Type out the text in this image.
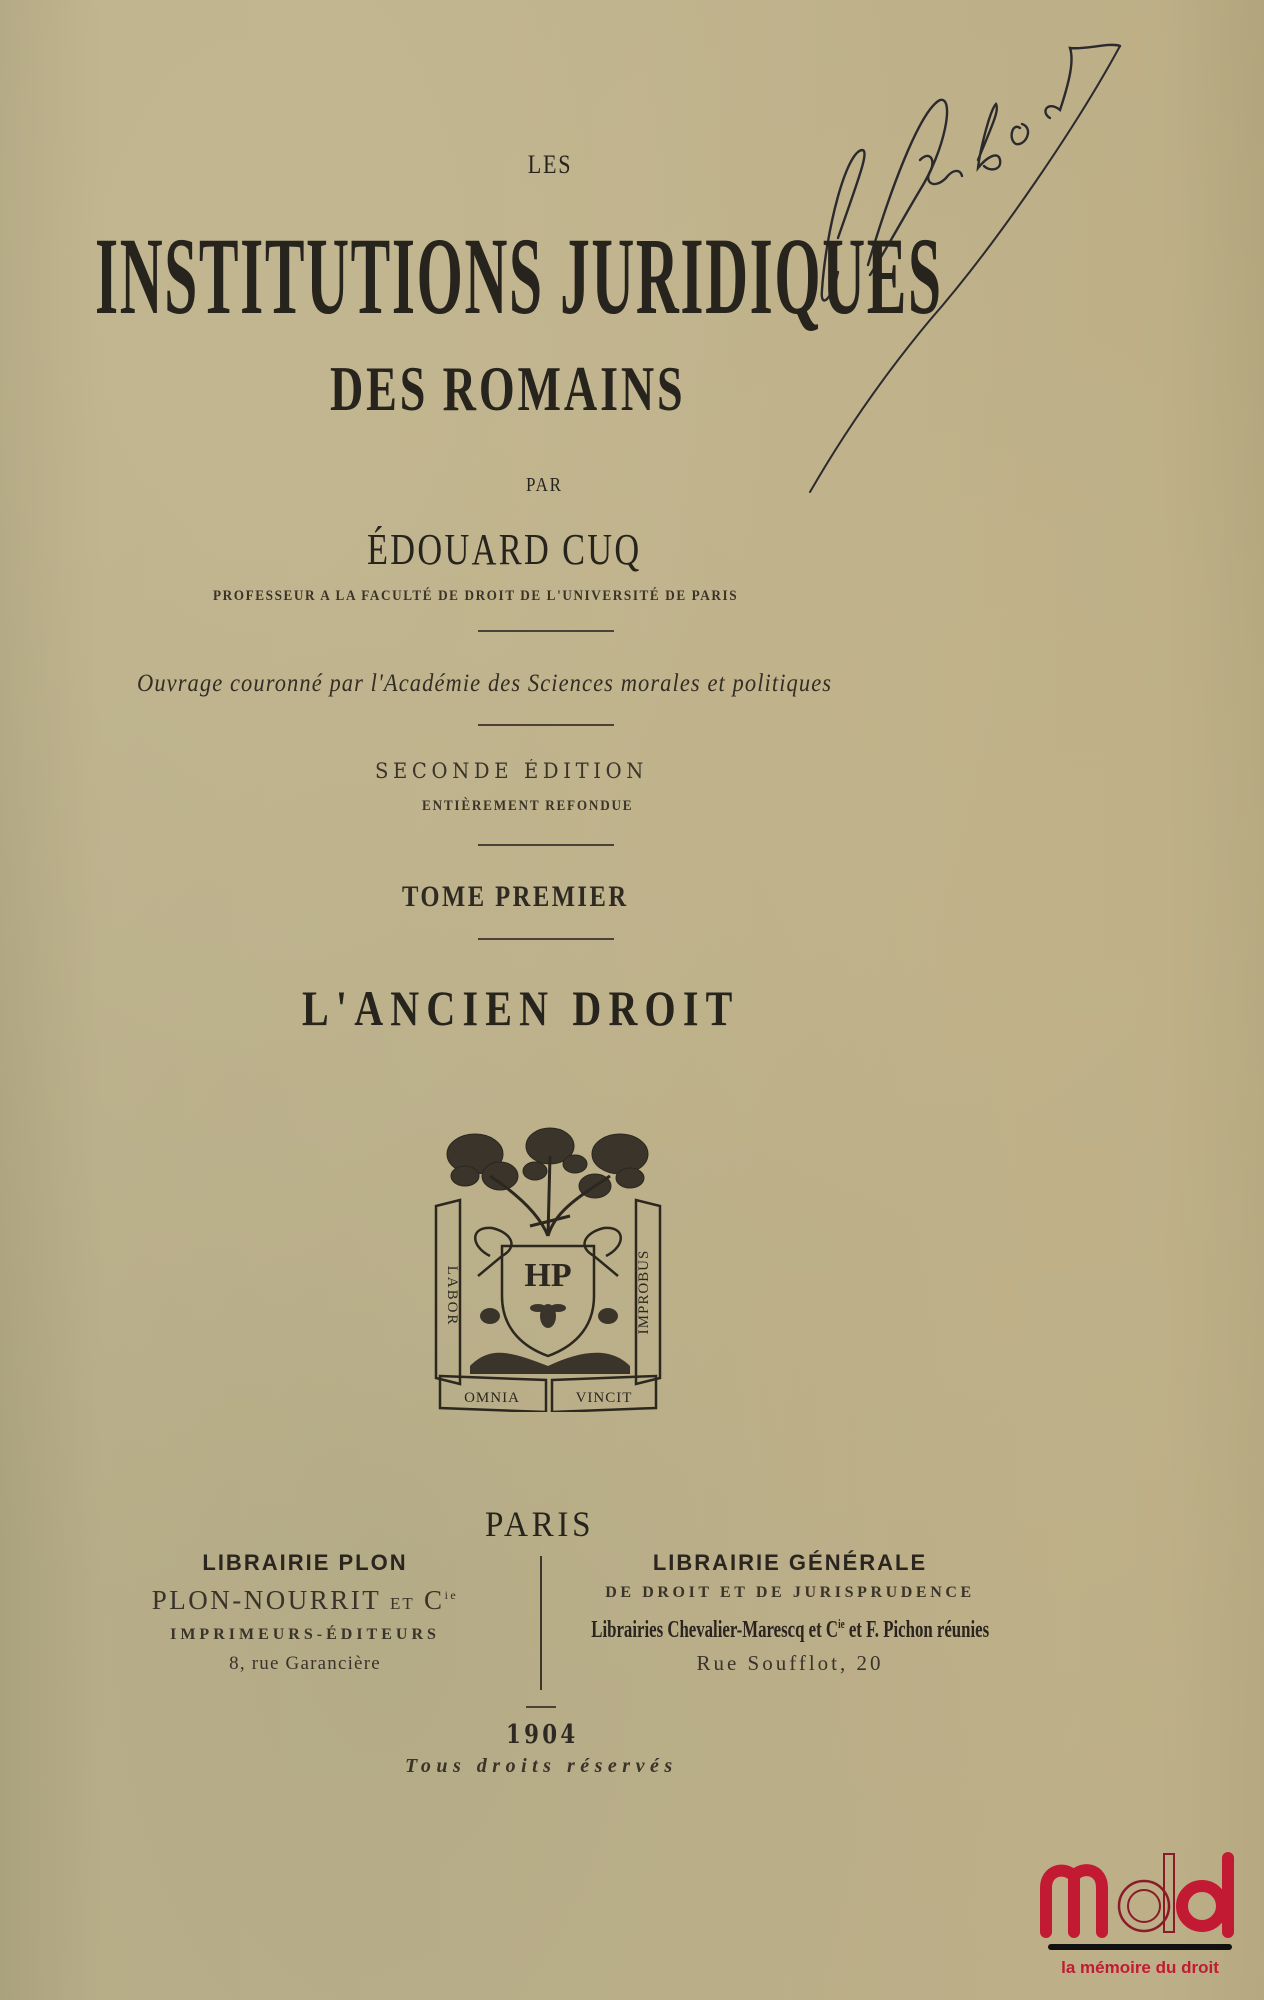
LES
INSTITUTIONS JURIDIQUES
DES ROMAINS
PAR
ÉDOUARD CUQ
PROFESSEUR A LA FACULTÉ DE DROIT DE L'UNIVERSITÉ DE PARIS
Ouvrage couronné par l'Académie des Sciences morales et politiques
SECONDE ÉDITION
ENTIÈREMENT REFONDUE
TOME PREMIER
L'ANCIEN DROIT
LABOR	IMPROBUS
OMNIA	VINCIT
HP
PARIS
LIBRAIRIE PLON
PLON-NOURRIT ET $C^{ie}$
IMPRIMEURS-ÉDITEURS
8, rue Garancière
LIBRAIRIE GÉNÉRALE
DE DROIT ET DE JURISPRUDENCE
Librairies Chevalier-Marescq et $C^{ie}$ et F. Pichon réunies
Rue Soufflot, 20
1904
Tous droits réservés
la mémoire du droit
